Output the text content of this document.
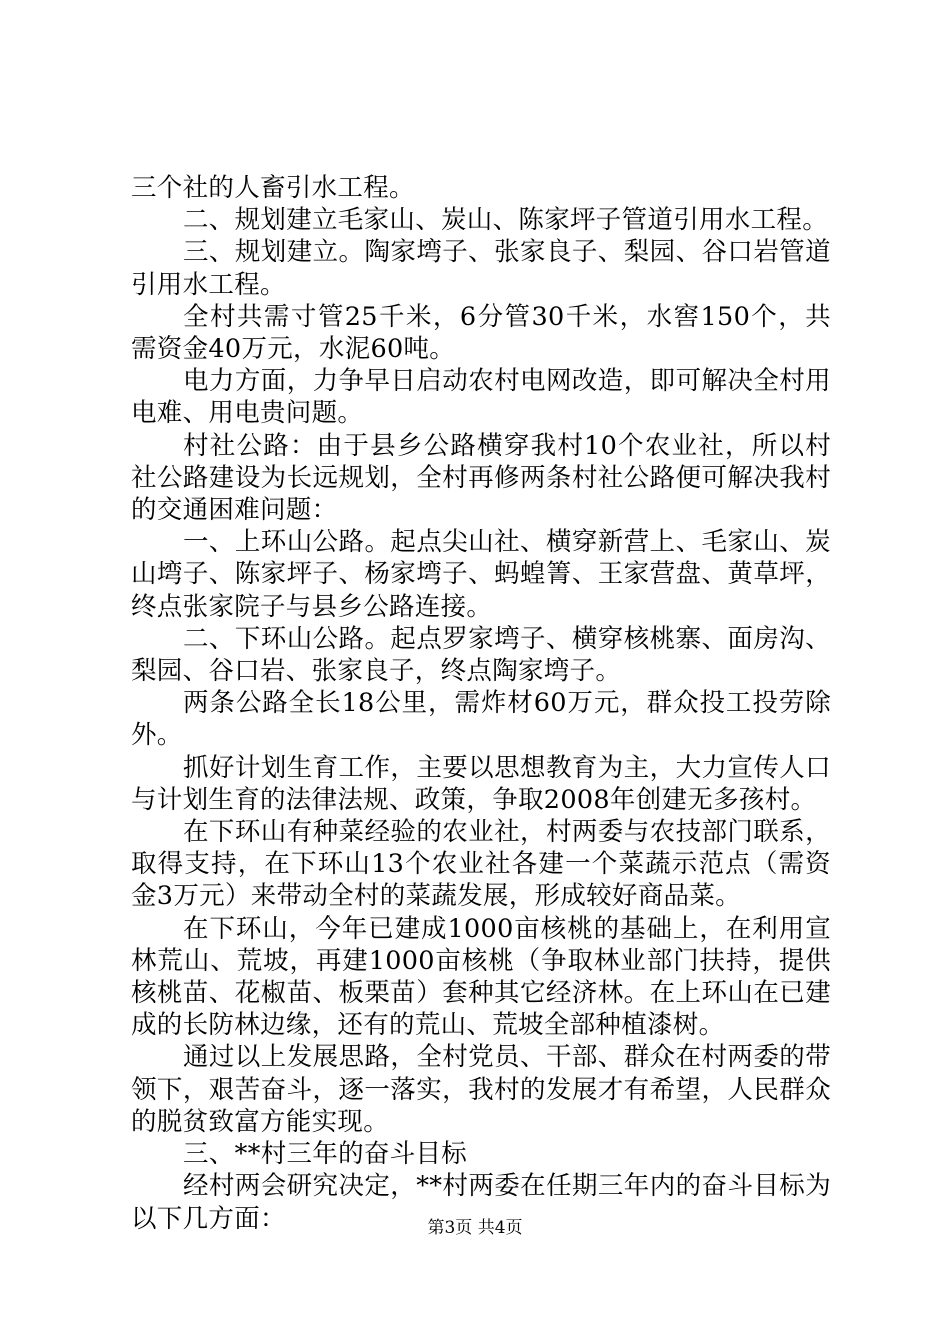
三个社的人畜引水工程。

二、规划建立毛家山、炭山、陈家坪子管道引用水工程。

三、规划建立。陶家塆子、张家良子、梨园、谷口岩管道引用水工程。

全村共需寸管25千米，6分管30千米，水窖150个，共需资金40万元，水泥60吨。

电力方面，力争早日启动农村电网改造，即可解决全村用电难、用电贵问题。

村社公路：由于县乡公路横穿我村10个农业社，所以村社公路建设为长远规划，全村再修两条村社公路便可解决我村的交通困难问题：

一、上环山公路。起点尖山社、横穿新营上、毛家山、炭山塆子、陈家坪子、杨家塆子、蚂蝗箐、王家营盘、黄草坪，终点张家院子与县乡公路连接。

二、下环山公路。起点罗家塆子、横穿核桃寨、面房沟、梨园、谷口岩、张家良子，终点陶家塆子。

两条公路全长18公里，需炸材60万元，群众投工投劳除外。

抓好计划生育工作，主要以思想教育为主，大力宣传人口与计划生育的法律法规、政策，争取2008年创建无多孩村。

在下环山有种菜经验的农业社，村两委与农技部门联系，取得支持，在下环山13个农业社各建一个菜蔬示范点（需资金3万元）来带动全村的菜蔬发展，形成较好商品菜。

在下环山，今年已建成1000亩核桃的基础上，在利用宣林荒山、荒坡，再建1000亩核桃（争取林业部门扶持，提供核桃苗、花椒苗、板栗苗）套种其它经济林。在上环山在已建成的长防林边缘，还有的荒山、荒坡全部种植漆树。

通过以上发展思路，全村党员、干部、群众在村两委的带领下，艰苦奋斗，逐一落实，我村的发展才有希望，人民群众的脱贫致富方能实现。

三、**村三年的奋斗目标

经村两会研究决定，**村两委在任期三年内的奋斗目标为以下几方面：	第3页 共4页
